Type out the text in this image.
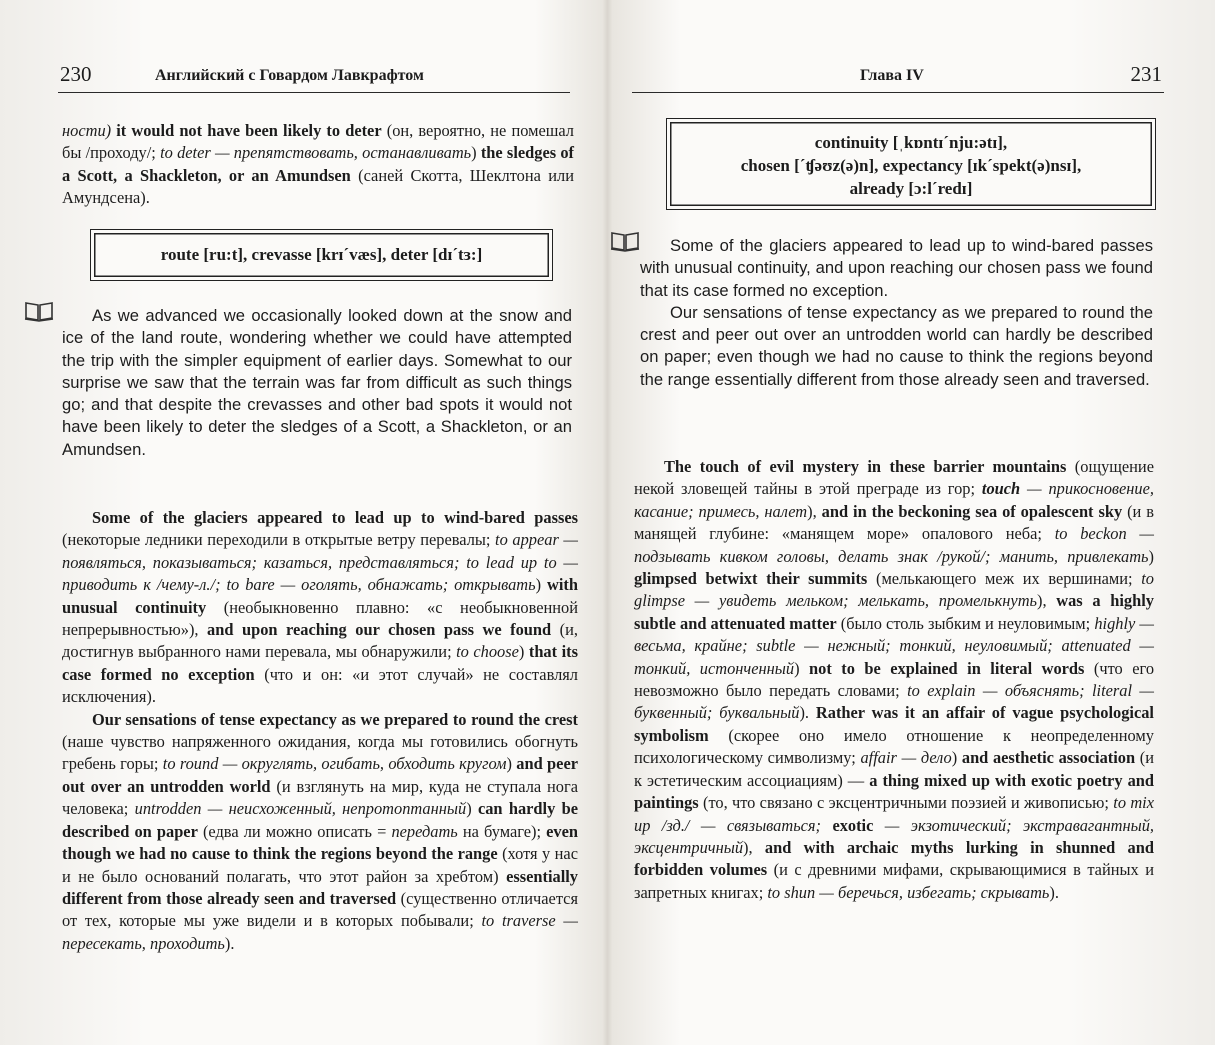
230	Английский с Говардом Лавкрафтом

ности) it would not have been likely to deter (он, вероятно, не помешал бы /проходу/; to deter — препятствовать, останавливать) the sledges of a Scott, a Shackleton, or an Amundsen (саней Скотта, Шеклтона или Амундсена).

route [ru:t], crevasse [krɪˊvæs], deter [dɪˊtɜ:]

As we advanced we occasionally looked down at the snow and ice of the land route, wondering whether we could have attempted the trip with the simpler equipment of earlier days. Somewhat to our surprise we saw that the terrain was far from difficult as such things go; and that despite the crevasses and other bad spots it would not have been likely to deter the sledges of a Scott, a Shackleton, or an Amundsen.

Some of the glaciers appeared to lead up to wind-bared passes (некоторые ледники переходили в открытые ветру перевалы; to appear — появляться, показываться; казаться, представляться; to lead up to — приводить к /чему-л./; to bare — оголять, обнажать; открывать) with unusual continuity (необыкновенно плавно: «с необыкновенной непрерывностью»), and upon reaching our chosen pass we found (и, достигнув выбранного нами перевала, мы обнаружили; to choose) that its case formed no exception (что и он: «и этот случай» не составлял исключения).

Our sensations of tense expectancy as we prepared to round the crest (наше чувство напряженного ожидания, когда мы готовились обогнуть гребень горы; to round — округлять, огибать, обходить кругом) and peer out over an untrodden world (и взглянуть на мир, куда не ступала нога человека; untrodden — неисхоженный, непротоптанный) can hardly be described on paper (едва ли можно описать = передать на бумаге); even though we had no cause to think the regions beyond the range (хотя у нас и не было оснований полагать, что этот район за хребтом) essentially different from those already seen and traversed (существенно отличается от тех, которые мы уже видели и в которых побывали; to traverse — пересекать, проходить).

Глава IV	231
continuity [ˌkɒntɪˊnju:ətɪ],
chosen [ˊʧəʊz(ə)n], expectancy [ɪkˊspekt(ə)nsɪ],
already [ɔ:lˊredɪ]

Some of the glaciers appeared to lead up to wind-bared passes with unusual continuity, and upon reaching our chosen pass we found that its case formed no exception.

Our sensations of tense expectancy as we prepared to round the crest and peer out over an untrodden world can hardly be described on paper; even though we had no cause to think the regions beyond the range essentially different from those already seen and traversed.

The touch of evil mystery in these barrier mountains (ощущение некой зловещей тайны в этой преграде из гор; touch — прикосновение, касание; примесь, налет), and in the beckoning sea of opalescent sky (и в манящей глубине: «манящем море» опалового неба; to beckon — подзывать кивком головы, делать знак /рукой/; манить, привлекать) glimpsed betwixt their summits (мелькающего меж их вершинами; to glimpse — увидеть мельком; мелькать, промелькнуть), was a highly subtle and attenuated matter (было столь зыбким и неуловимым; highly — весьма, крайне; subtle — нежный; тонкий, неуловимый; attenuated — тонкий, истонченный) not to be explained in literal words (что его невозможно было передать словами; to explain — объяснять; literal — буквенный; буквальный). Rather was it an affair of vague psychological symbolism (скорее оно имело отношение к неопределенному психологическому символизму; affair — дело) and aesthetic association (и к эстетическим ассоциациям) — a thing mixed up with exotic poetry and paintings (то, что связано с эксцентричными поэзией и живописью; to mix up /зд./ — связываться; exotic — экзотический; экстравагантный, эксцентричный), and with archaic myths lurking in shunned and forbidden volumes (и с древними мифами, скрывающимися в тайных и запретных книгах; to shun — беречься, избегать; скрывать).
